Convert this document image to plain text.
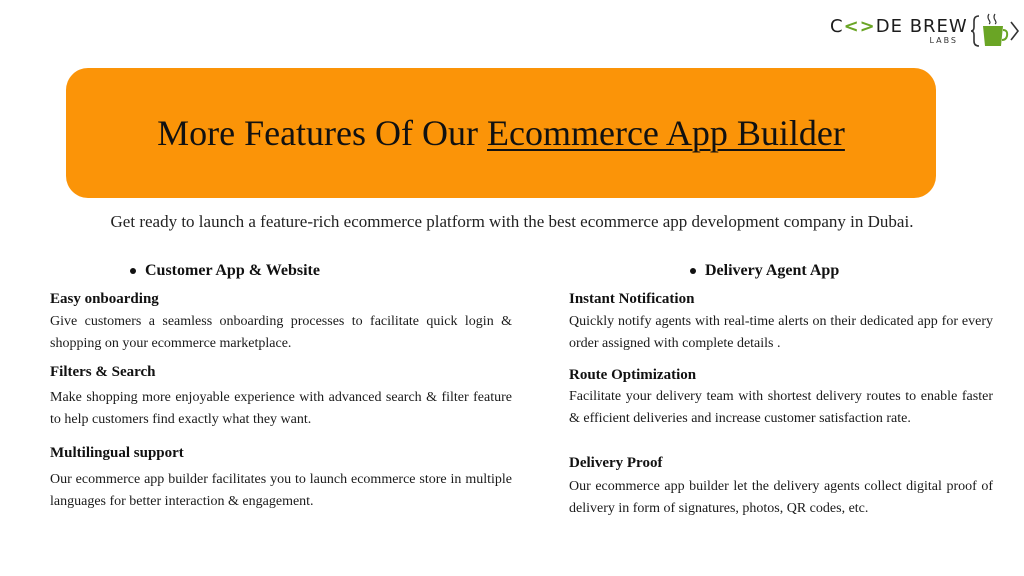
C<>DE BREW
LABS
More Features Of Our Ecommerce App Builder
Get ready to launch a feature-rich ecommerce platform with the best ecommerce app development company in Dubai.
Customer App & Website

Easy onboarding

Give customers a seamless onboarding processes to facilitate quick login & shopping on your ecommerce marketplace.

Filters & Search

Make shopping more enjoyable experience with advanced search & filter feature to help customers find exactly what they want.

Multilingual support

Our ecommerce app builder facilitates you to launch ecommerce store in multiple languages for better interaction & engagement.

Delivery Agent App

Instant Notification

Quickly notify agents with real-time alerts on their dedicated app for every order assigned with complete details .

Route Optimization

Facilitate your delivery team with shortest delivery routes to enable faster & efficient deliveries and increase customer satisfaction rate.

Delivery Proof

Our ecommerce app builder let the delivery agents collect digital proof of delivery in form of signatures, photos, QR codes, etc.
